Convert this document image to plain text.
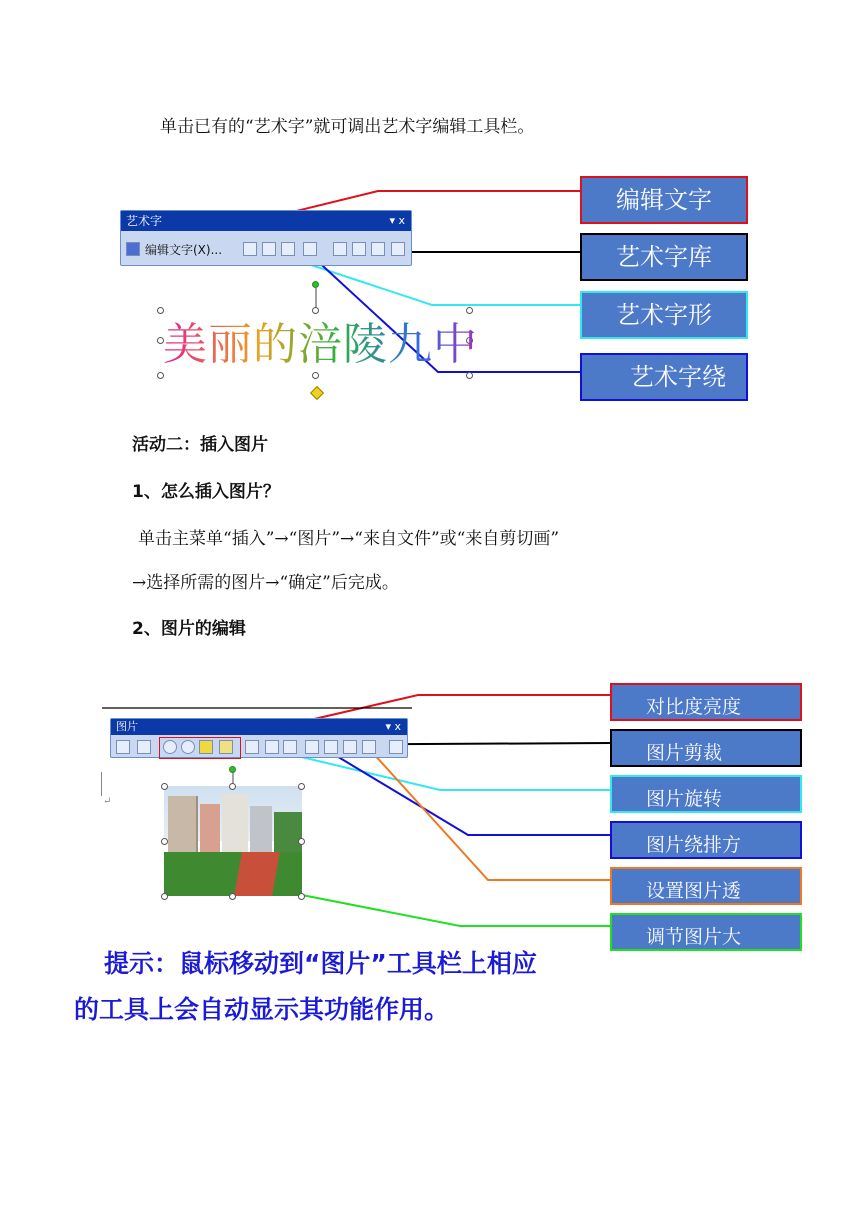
单击已有的“艺术字”就可调出艺术字编辑工具栏。
艺术字	▾ x
编辑文字(X)...
美丽的涪陵九中
编辑文字
艺术字库
艺术字形
艺术字绕
活动二：插入图片
1、怎么插入图片？
单击主菜单“插入”→“图片”→“来自文件”或“来自剪切画”
→选择所需的图片→“确定”后完成。
2、图片的编辑
图片	▾ x
↵
对比度亮度
图片剪裁
图片旋转
图片绕排方
设置图片透
调节图片大
提示：鼠标移动到“图片”工具栏上相应
的工具上会自动显示其功能作用。
